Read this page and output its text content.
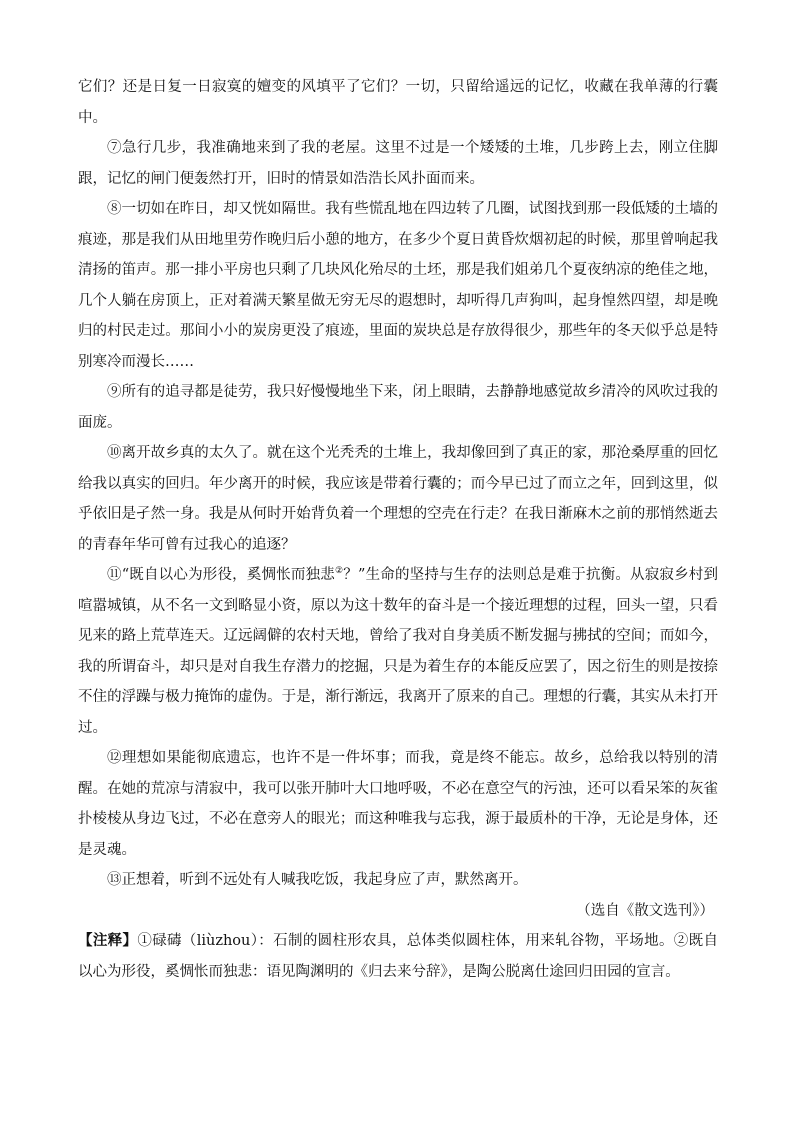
它们？还是日复一日寂寞的嬗变的风填平了它们？一切，只留给遥远的记忆，收藏在我单薄的行囊中。

⑦急行几步，我准确地来到了我的老屋。这里不过是一个矮矮的土堆，几步跨上去，刚立住脚跟，记忆的闸门便轰然打开，旧时的情景如浩浩长风扑面而来。

⑧一切如在昨日，却又恍如隔世。我有些慌乱地在四边转了几圈，试图找到那一段低矮的土墙的痕迹，那是我们从田地里劳作晚归后小憩的地方，在多少个夏日黄昏炊烟初起的时候，那里曾响起我清扬的笛声。那一排小平房也只剩了几块风化殆尽的土坯，那是我们姐弟几个夏夜纳凉的绝佳之地，几个人躺在房顶上，正对着满天繁星做无穷无尽的遐想时，却听得几声狗叫，起身惶然四望，却是晚归的村民走过。那间小小的炭房更没了痕迹，里面的炭块总是存放得很少，那些年的冬天似乎总是特别寒冷而漫长……

⑨所有的追寻都是徒劳，我只好慢慢地坐下来，闭上眼睛，去静静地感觉故乡清冷的风吹过我的面庞。

⑩离开故乡真的太久了。就在这个光秃秃的土堆上，我却像回到了真正的家，那沧桑厚重的回忆给我以真实的回归。年少离开的时候，我应该是带着行囊的；而今早已过了而立之年，回到这里，似乎依旧是孑然一身。我是从何时开始背负着一个理想的空壳在行走？在我日渐麻木之前的那悄然逝去的青春年华可曾有过我心的追逐？

⑪“既自以心为形役，奚惆怅而独悲②？”生命的坚持与生存的法则总是难于抗衡。从寂寂乡村到喧嚣城镇，从不名一文到略显小资，原以为这十数年的奋斗是一个接近理想的过程，回头一望，只看见来的路上荒草连天。辽远阔僻的农村天地，曾给了我对自身美质不断发掘与拂拭的空间；而如今，我的所谓奋斗，却只是对自我生存潜力的挖掘，只是为着生存的本能反应罢了，因之衍生的则是按捺不住的浮躁与极力掩饰的虚伪。于是，渐行渐远，我离开了原来的自己。理想的行囊，其实从未打开过。

⑫理想如果能彻底遗忘，也许不是一件坏事；而我，竟是终不能忘。故乡，总给我以特别的清醒。在她的荒凉与清寂中，我可以张开肺叶大口地呼吸，不必在意空气的污浊，还可以看呆笨的灰雀扑棱棱从身边飞过，不必在意旁人的眼光；而这种唯我与忘我，源于最质朴的干净，无论是身体，还是灵魂。

⑬正想着，听到不远处有人喊我吃饭，我起身应了声，默然离开。

（选自《散文选刊》）

【注释】①碌碡（liùzhou）：石制的圆柱形农具，总体类似圆柱体，用来轧谷物，平场地。②既自以心为形役，奚惆怅而独悲：语见陶渊明的《归去来兮辞》，是陶公脱离仕途回归田园的宣言。
